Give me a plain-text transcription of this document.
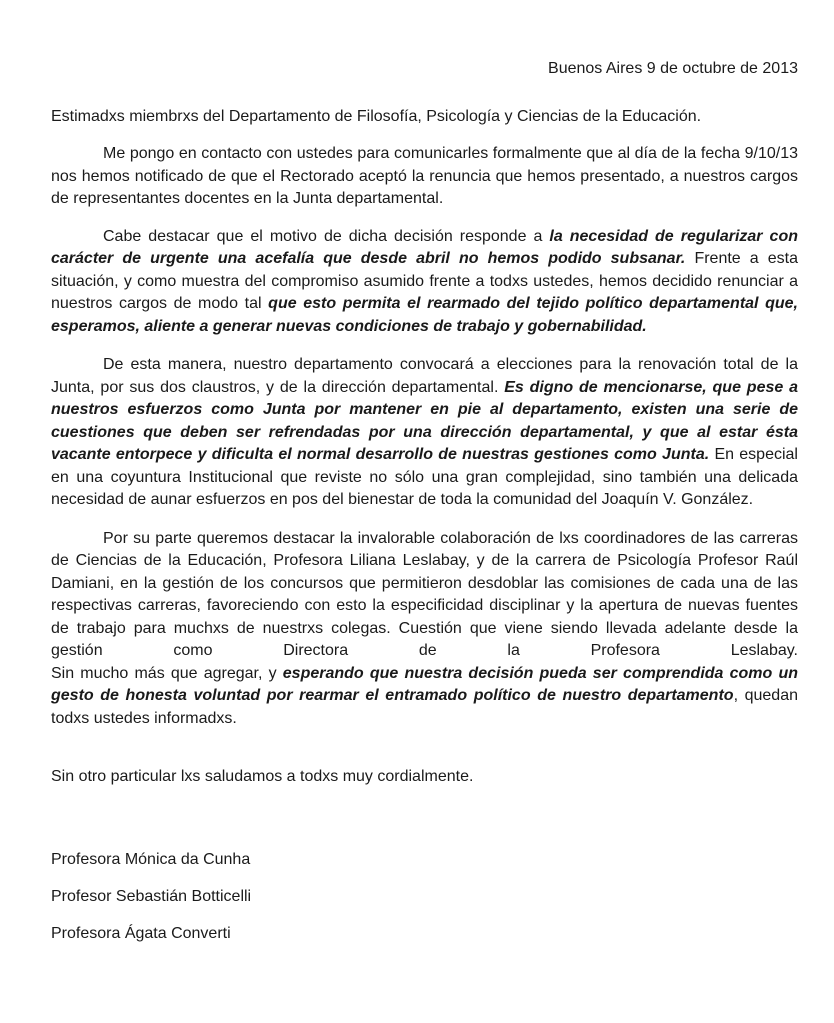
Buenos Aires 9 de octubre de 2013

Estimadxs miembrxs del Departamento de Filosofía, Psicología y Ciencias de la Educación.

Me pongo en contacto con ustedes para comunicarles formalmente que al día de la fecha 9/10/13 nos hemos notificado de que el Rectorado aceptó la renuncia que hemos presentado, a nuestros cargos de representantes docentes en la Junta departamental.

Cabe destacar que el motivo de dicha decisión responde a la necesidad de regularizar con carácter de urgente una acefalía que desde abril no hemos podido subsanar. Frente a esta situación, y como muestra del compromiso asumido frente a todxs ustedes, hemos decidido renunciar a nuestros cargos de modo tal que esto permita el rearmado del tejido político departamental que, esperamos, aliente a generar nuevas condiciones de trabajo y gobernabilidad.

De esta manera, nuestro departamento convocará a elecciones para la renovación total de la Junta, por sus dos claustros, y de la dirección departamental. Es digno de mencionarse, que pese a nuestros esfuerzos como Junta por mantener en pie al departamento, existen una serie de cuestiones que deben ser refrendadas por una dirección departamental, y que al estar ésta vacante entorpece y dificulta el normal desarrollo de nuestras gestiones como Junta. En especial en una coyuntura Institucional que reviste no sólo una gran complejidad, sino también una delicada necesidad de aunar esfuerzos en pos del bienestar de toda la comunidad del Joaquín V. González.

Por su parte queremos destacar la invalorable colaboración de lxs coordinadores de las carreras de Ciencias de la Educación, Profesora Liliana Leslabay, y de la carrera de Psicología Profesor Raúl Damiani, en la gestión de los concursos que permitieron desdoblar las comisiones de cada una de las respectivas carreras, favoreciendo con esto la especificidad disciplinar y la apertura de nuevas fuentes de trabajo para muchxs de nuestrxs colegas. Cuestión que viene siendo llevada adelante desde la gestión como Directora de la Profesora Leslabay.
Sin mucho más que agregar, y esperando que nuestra decisión pueda ser comprendida como un gesto de honesta voluntad por rearmar el entramado político de nuestro departamento, quedan todxs ustedes informadxs.

Sin otro particular lxs saludamos a todxs muy cordialmente.

Profesora Mónica da Cunha

Profesor Sebastián Botticelli

Profesora Ágata Converti
